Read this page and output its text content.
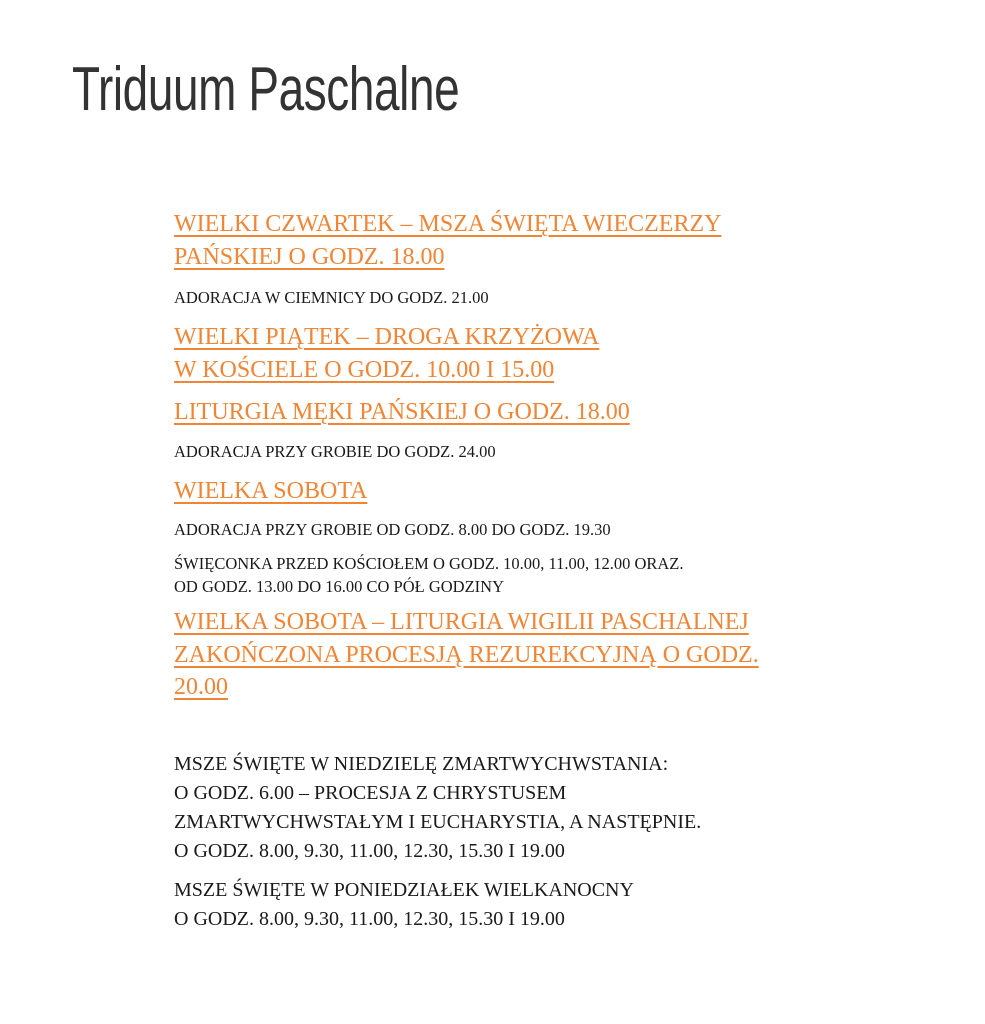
Triduum Paschalne
WIELKI CZWARTEK – MSZA ŚWIĘTA WIECZERZY
PAŃSKIEJ O GODZ. 18.00

ADORACJA W CIEMNICY DO GODZ. 21.00

WIELKI PIĄTEK – DROGA KRZYŻOWA
W KOŚCIELE O GODZ. 10.00 I 15.00
LITURGIA MĘKI PAŃSKIEJ O GODZ. 18.00

ADORACJA PRZY GROBIE DO GODZ. 24.00

WIELKA SOBOTA

ADORACJA PRZY GROBIE OD GODZ. 8.00 DO GODZ. 19.30

ŚWIĘCONKA PRZED KOŚCIOŁEM O GODZ. 10.00, 11.00, 12.00 ORAZ.
OD GODZ. 13.00 DO 16.00 CO PÓŁ GODZINY

WIELKA SOBOTA – LITURGIA WIGILII PASCHALNEJ
ZAKOŃCZONA PROCESJĄ REZUREKCYJNĄ O GODZ.
20.00

MSZE ŚWIĘTE W NIEDZIELĘ ZMARTWYCHWSTANIA:
O GODZ. 6.00 – PROCESJA Z CHRYSTUSEM
ZMARTWYCHWSTAŁYM I EUCHARYSTIA, A NASTĘPNIE.
O GODZ. 8.00, 9.30, 11.00, 12.30, 15.30 I 19.00

MSZE ŚWIĘTE W PONIEDZIAŁEK WIELKANOCNY
O GODZ. 8.00, 9.30, 11.00, 12.30, 15.30 I 19.00
